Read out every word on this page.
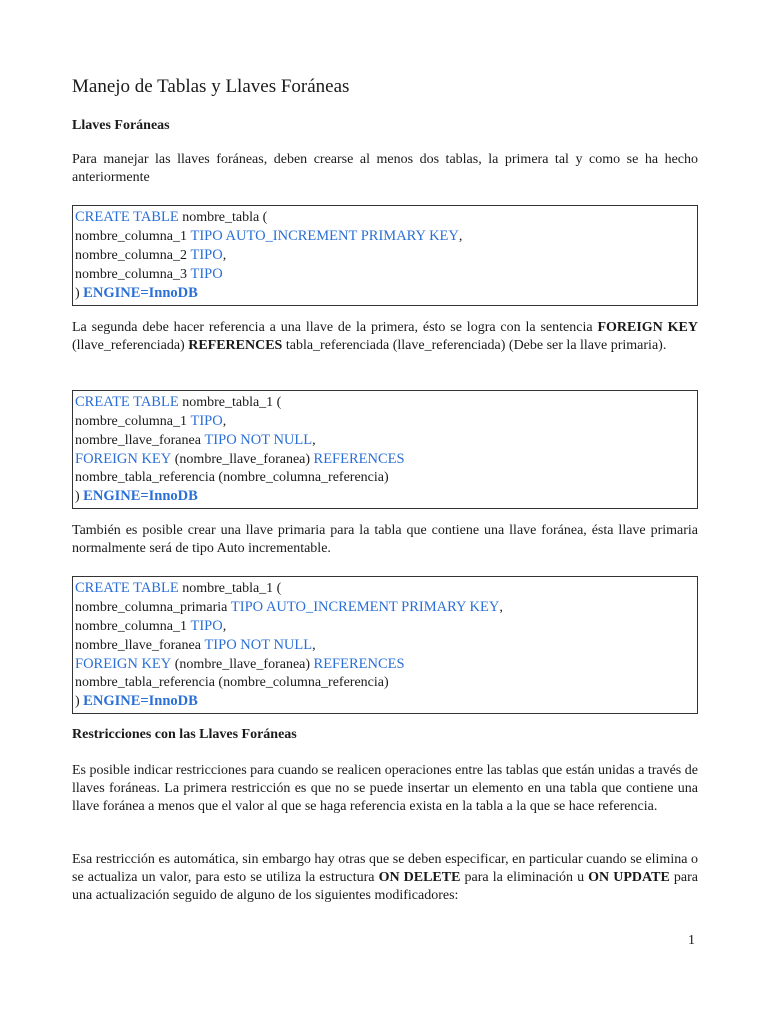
Manejo de Tablas y Llaves Foráneas
Llaves Foráneas

Para manejar las llaves foráneas, deben crearse al menos dos tablas, la primera tal y como se ha hecho anteriormente

CREATE TABLE nombre_tabla (
nombre_columna_1 TIPO AUTO_INCREMENT PRIMARY KEY,
nombre_columna_2 TIPO,
nombre_columna_3 TIPO
) ENGINE=InnoDB

La segunda debe hacer referencia a una llave de la primera, ésto se logra con la sentencia FOREIGN KEY (llave_referenciada) REFERENCES tabla_referenciada (llave_referenciada) (Debe ser la llave primaria).

CREATE TABLE nombre_tabla_1 (
nombre_columna_1 TIPO,
nombre_llave_foranea TIPO NOT NULL,
FOREIGN KEY (nombre_llave_foranea) REFERENCES
nombre_tabla_referencia (nombre_columna_referencia)
) ENGINE=InnoDB

También es posible crear una llave primaria para la tabla que contiene una llave foránea, ésta llave primaria normalmente será de tipo Auto incrementable.

CREATE TABLE nombre_tabla_1 (
nombre_columna_primaria TIPO AUTO_INCREMENT PRIMARY KEY,
nombre_columna_1 TIPO,
nombre_llave_foranea TIPO NOT NULL,
FOREIGN KEY (nombre_llave_foranea) REFERENCES
nombre_tabla_referencia (nombre_columna_referencia)
) ENGINE=InnoDB
Restricciones con las Llaves Foráneas

Es posible indicar restricciones para cuando se realicen operaciones entre las tablas que están unidas a través de llaves foráneas. La primera restricción es que no se puede insertar un elemento en una tabla que contiene una llave foránea a menos que el valor al que se haga referencia exista en la tabla a la que se hace referencia.

Esa restricción es automática, sin embargo hay otras que se deben especificar, en particular cuando se elimina o se actualiza un valor, para esto se utiliza la estructura ON DELETE para la eliminación u ON UPDATE para una actualización seguido de alguno de los siguientes modificadores:

1
